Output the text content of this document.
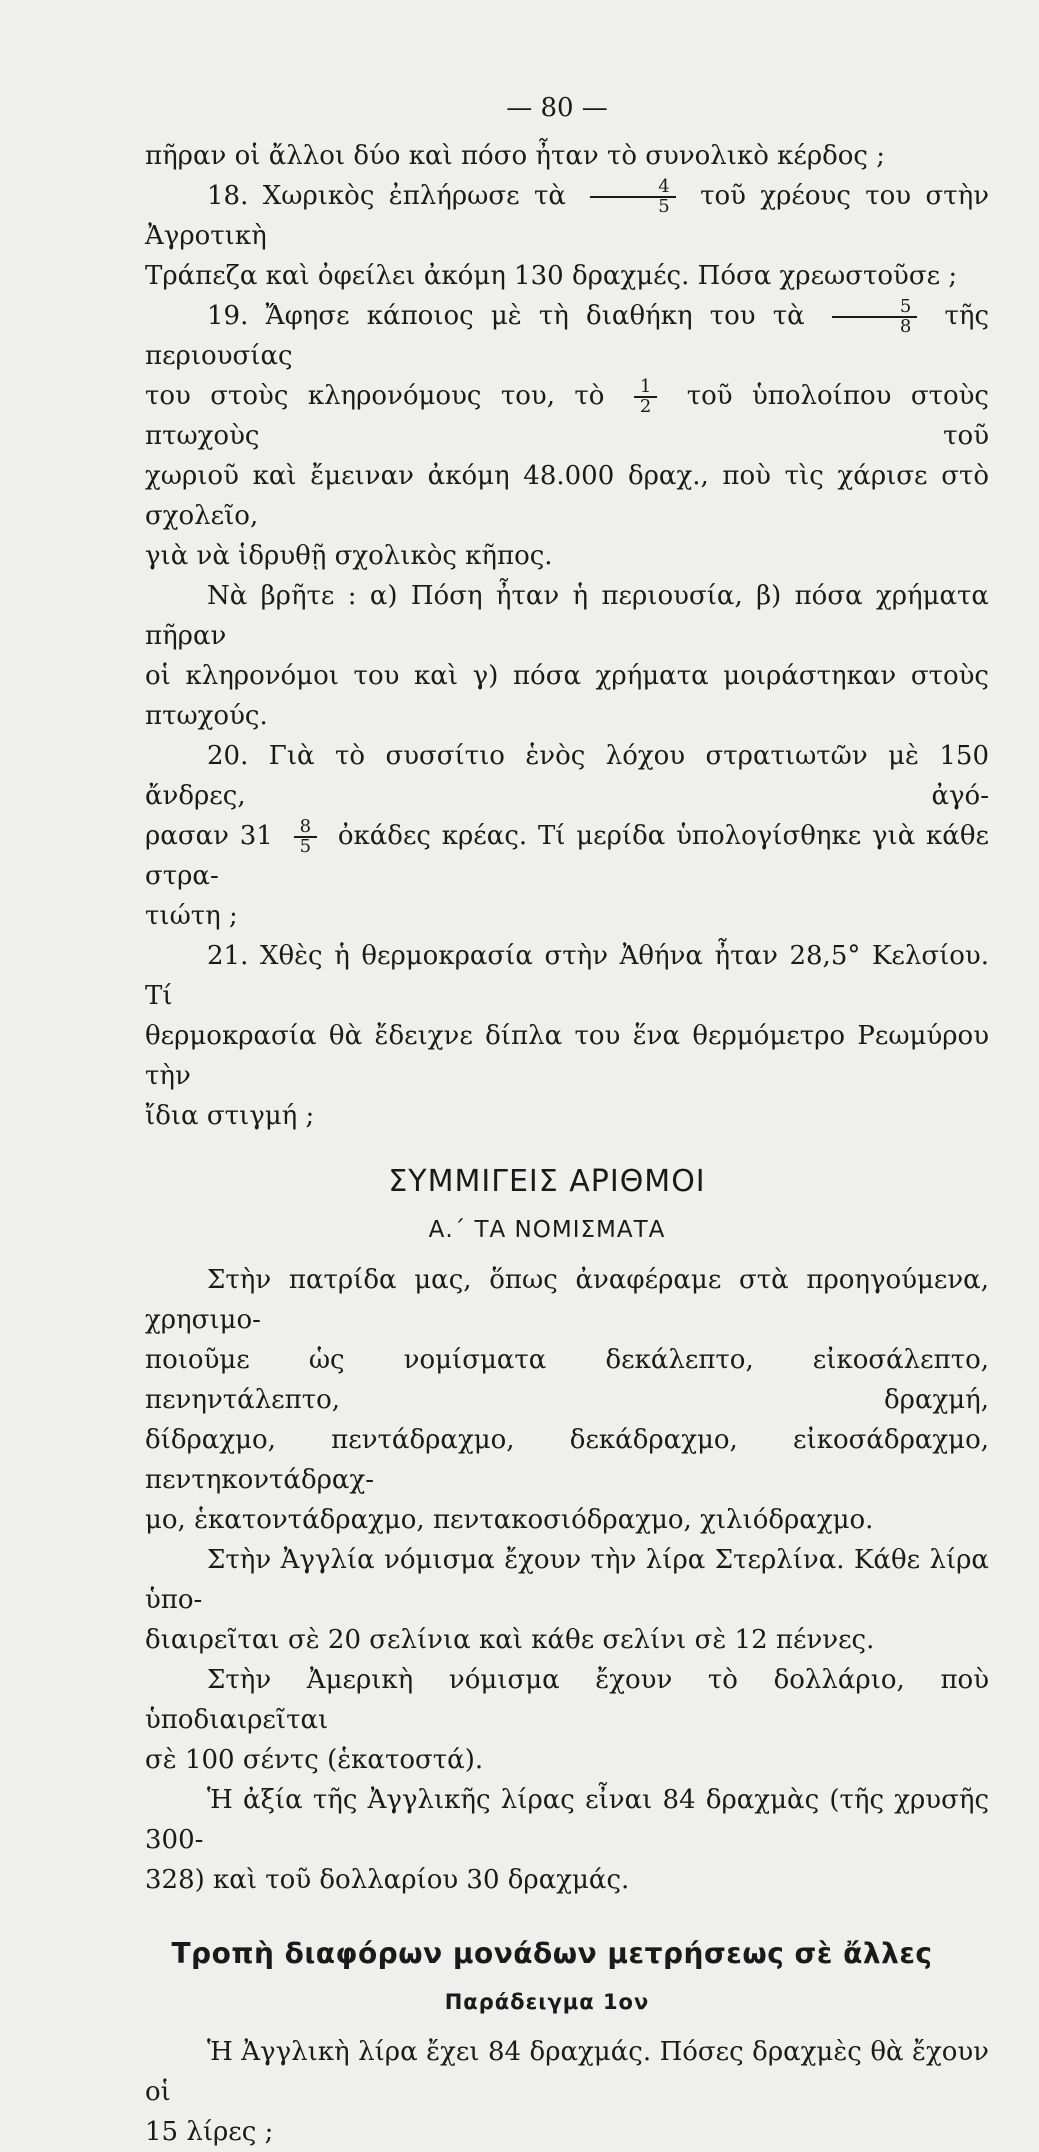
— 80 —

πῆραν οἱ ἄλλοι δύο καὶ πόσο ἦταν τὸ συνολικὸ κέρδος ;

18. Χωρικὸς ἐπλήρωσε τὰ $\frac{4}{5}$ τοῦ χρέους του στὴν Ἀγροτικὴ

Τράπεζα καὶ ὀφείλει ἀκόμη 130 δραχμές. Πόσα χρεωστοῦσε ;

19. Ἄφησε κάποιος μὲ τὴ διαθήκη του τὰ $\frac{5}{8}$ τῆς περιουσίας

του στοὺς κληρονόμους του, τὸ $\frac{1}{2}$ τοῦ ὑπολοίπου στοὺς πτωχοὺς τοῦ

χωριοῦ καὶ ἔμειναν ἀκόμη 48.000 δραχ., ποὺ τὶς χάρισε στὸ σχολεῖο,

γιὰ νὰ ἱδρυθῇ σχολικὸς κῆπος.

Νὰ βρῆτε : α) Πόση ἦταν ἡ περιουσία, β) πόσα χρήματα πῆραν

οἱ κληρονόμοι του καὶ γ) πόσα χρήματα μοιράστηκαν στοὺς πτωχούς.

20. Γιὰ τὸ συσσίτιο ἑνὸς λόχου στρατιωτῶν μὲ 150 ἄνδρες, ἀγό-

ρασαν $31 \frac{8}{5}$ ὀκάδες κρέας. Τί μερίδα ὑπολογίσθηκε γιὰ κάθε στρα-

τιώτη ;

21. Χθὲς ἡ θερμοκρασία στὴν Ἀθήνα ἦταν 28,5° Κελσίου. Τί

θερμοκρασία θὰ ἔδειχνε δίπλα του ἕνα θερμόμετρο Ρεωμύρου τὴν

ἴδια στιγμή ;

ΣΥΜΜΙΓΕΙΣ ΑΡΙΘΜΟΙ
Α.΄ ΤΑ ΝΟΜΙΣΜΑΤΑ

Στὴν πατρίδα μας, ὅπως ἀναφέραμε στὰ προηγούμενα, χρησιμο-

ποιοῦμε ὡς νομίσματα δεκάλεπτο, εἰκοσάλεπτο, πενηντάλεπτο, δραχμή,

δίδραχμο, πεντάδραχμο, δεκάδραχμο, εἰκοσάδραχμο, πεντηκοντάδραχ-

μο, ἑκατοντάδραχμο, πεντακοσιόδραχμο, χιλιόδραχμο.

Στὴν Ἀγγλία νόμισμα ἔχουν τὴν λίρα Στερλίνα. Κάθε λίρα ὑπο-

διαιρεῖται σὲ 20 σελίνια καὶ κάθε σελίνι σὲ 12 πέννες.

Στὴν Ἀμερικὴ νόμισμα ἔχουν τὸ δολλάριο, ποὺ ὑποδιαιρεῖται

σὲ 100 σέντς (ἑκατοστά).

Ἡ ἀξία τῆς Ἀγγλικῆς λίρας εἶναι 84 δραχμὰς (τῆς χρυσῆς 300-

328) καὶ τοῦ δολλαρίου 30 δραχμάς.

Τροπὴ διαφόρων μονάδων μετρήσεως σὲ ἄλλες
Παράδειγμα 1ον

Ἡ Ἀγγλικὴ λίρα ἔχει 84 δραχμάς. Πόσες δραχμὲς θὰ ἔχουν οἱ

15 λίρες ;
